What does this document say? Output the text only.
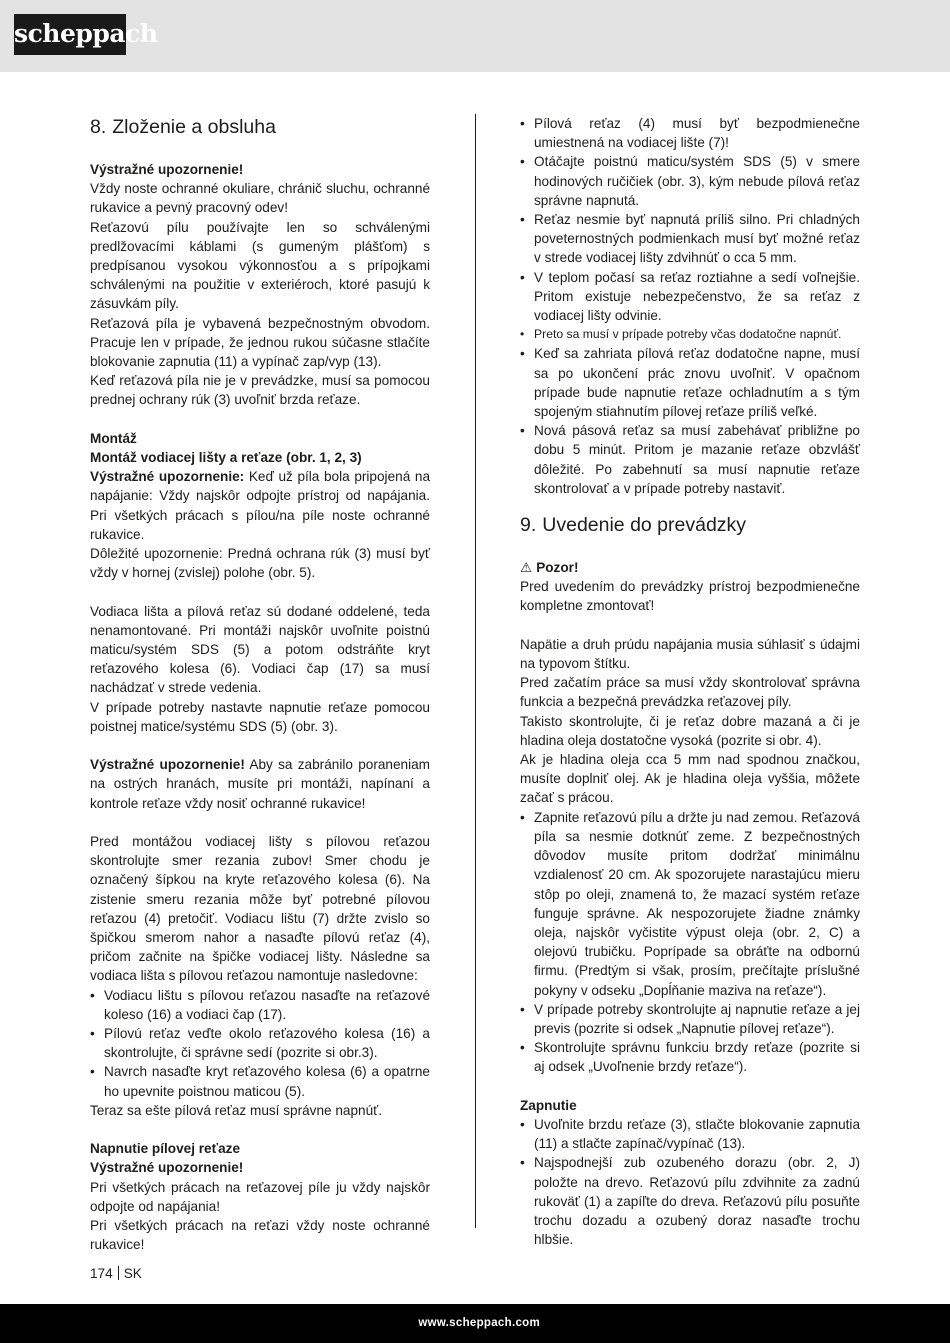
scheppach
8. Zloženie a obsluha

Výstražné upozornenie!

Vždy noste ochranné okuliare, chránič sluchu, ochranné rukavice a pevný pracovný odev!

Reťazovú pílu používajte len so schválenými predlžovacími káblami (s gumeným plášťom) s predpísanou vysokou výkonnosťou a s prípojkami schválenými na použitie v exteriéroch, ktoré pasujú k zásuvkám píly.

Reťazová píla je vybavená bezpečnostným obvodom. Pracuje len v prípade, že jednou rukou súčasne stlačíte blokovanie zapnutia (11) a vypínač zap/vyp (13).

Keď reťazová píla nie je v prevádzke, musí sa pomocou prednej ochrany rúk (3) uvoľniť brzda reťaze.

Montáž

Montáž vodiacej lišty a reťaze (obr. 1, 2, 3)

Výstražné upozornenie: Keď už píla bola pripojená na napájanie: Vždy najskôr odpojte prístroj od napájania. Pri všetkých prácach s pílou/na píle noste ochranné rukavice.

Dôležité upozornenie: Predná ochrana rúk (3) musí byť vždy v hornej (zvislej) polohe (obr. 5).

Vodiaca lišta a pílová reťaz sú dodané oddelené, teda nenamontované. Pri montáži najskôr uvoľnite poistnú maticu/systém SDS (5) a potom odstráňte kryt reťazového kolesa (6). Vodiaci čap (17) sa musí nachádzať v strede vedenia.

V prípade potreby nastavte napnutie reťaze pomocou poistnej matice/systému SDS (5) (obr. 3).

Výstražné upozornenie! Aby sa zabránilo poraneniam na ostrých hranách, musíte pri montáži, napínaní a kontrole reťaze vždy nosiť ochranné rukavice!

Pred montážou vodiacej lišty s pílovou reťazou skontrolujte smer rezania zubov! Smer chodu je označený šípkou na kryte reťazového kolesa (6). Na zistenie smeru rezania môže byť potrebné pílovou reťazou (4) pretočiť. Vodiacu lištu (7) držte zvislo so špičkou smerom nahor a nasaďte pílovú reťaz (4), pričom začnite na špičke vodiacej lišty. Následne sa vodiaca lišta s pílovou reťazou namontuje nasledovne:

• Vodiacu lištu s pílovou reťazou nasaďte na reťazové koleso (16) a vodiaci čap (17).
• Pílovú reťaz veďte okolo reťazového kolesa (16) a skontrolujte, či správne sedí (pozrite si obr.3).
• Navrch nasaďte kryt reťazového kolesa (6) a opatrne ho upevnite poistnou maticou (5).

Teraz sa ešte pílová reťaz musí správne napnúť.

Napnutie pílovej reťaze

Výstražné upozornenie!

Pri všetkých prácach na reťazovej píle ju vždy najskôr odpojte od napájania!

Pri všetkých prácach na reťazi vždy noste ochranné rukavice!

• Pílová reťaz (4) musí byť bezpodmienečne umiestnená na vodiacej lište (7)!
• Otáčajte poistnú maticu/systém SDS (5) v smere hodinových ručičiek (obr. 3), kým nebude pílová reťaz správne napnutá.
• Reťaz nesmie byť napnutá príliš silno. Pri chladných poveternostných podmienkach musí byť možné reťaz v strede vodiacej lišty zdvihnúť o cca 5 mm.
• V teplom počasí sa reťaz roztiahne a sedí voľnejšie. Pritom existuje nebezpečenstvo, že sa reťaz z vodiacej lišty odvinie.
• Preto sa musí v prípade potreby včas dodatočne napnúť.
• Keď sa zahriata pílová reťaz dodatočne napne, musí sa po ukončení prác znovu uvoľniť. V opačnom prípade bude napnutie reťaze ochladnutím a s tým spojeným stiahnutím pílovej reťaze príliš veľké.
• Nová pásová reťaz sa musí zabehávať približne po dobu 5 minút. Pritom je mazanie reťaze obzvlášť dôležité. Po zabehnutí sa musí napnutie reťaze skontrolovať a v prípade potreby nastaviť.
9. Uvedenie do prevádzky

⚠ Pozor!

Pred uvedením do prevádzky prístroj bezpodmienečne kompletne zmontovať!

Napätie a druh prúdu napájania musia súhlasiť s údajmi na typovom štítku.

Pred začatím práce sa musí vždy skontrolovať správna funkcia a bezpečná prevádzka reťazovej píly.

Takisto skontrolujte, či je reťaz dobre mazaná a či je hladina oleja dostatočne vysoká (pozrite si obr. 4).

Ak je hladina oleja cca 5 mm nad spodnou značkou, musíte doplniť olej. Ak je hladina oleja vyššia, môžete začať s prácou.

• Zapnite reťazovú pílu a držte ju nad zemou. Reťazová píla sa nesmie dotknúť zeme. Z bezpečnostných dôvodov musíte pritom dodržať minimálnu vzdialenosť 20 cm. Ak spozorujete narastajúcu mieru stôp po oleji, znamená to, že mazací systém reťaze funguje správne. Ak nespozorujete žiadne známky oleja, najskôr vyčistite výpust oleja (obr. 2, C) a olejovú trubičku. Poprípade sa obráťte na odbornú firmu. (Predtým si však, prosím, prečítajte príslušné pokyny v odseku „Dopĺňanie maziva na reťaze“).
• V prípade potreby skontrolujte aj napnutie reťaze a jej previs (pozrite si odsek „Napnutie pílovej reťaze“).
• Skontrolujte správnu funkciu brzdy reťaze (pozrite si aj odsek „Uvoľnenie brzdy reťaze“).

Zapnutie

• Uvoľnite brzdu reťaze (3), stlačte blokovanie zapnutia (11) a stlačte zapínač/vypínač (13).
• Najspodnejší zub ozubeného dorazu (obr. 2, J) položte na drevo. Reťazovú pílu zdvihnite za zadnú rukoväť (1) a zapíľte do dreva. Reťazovú pílu posuňte trochu dozadu a ozubený doraz nasaďte trochu hlbšie.
174 SK
www.scheppach.com
